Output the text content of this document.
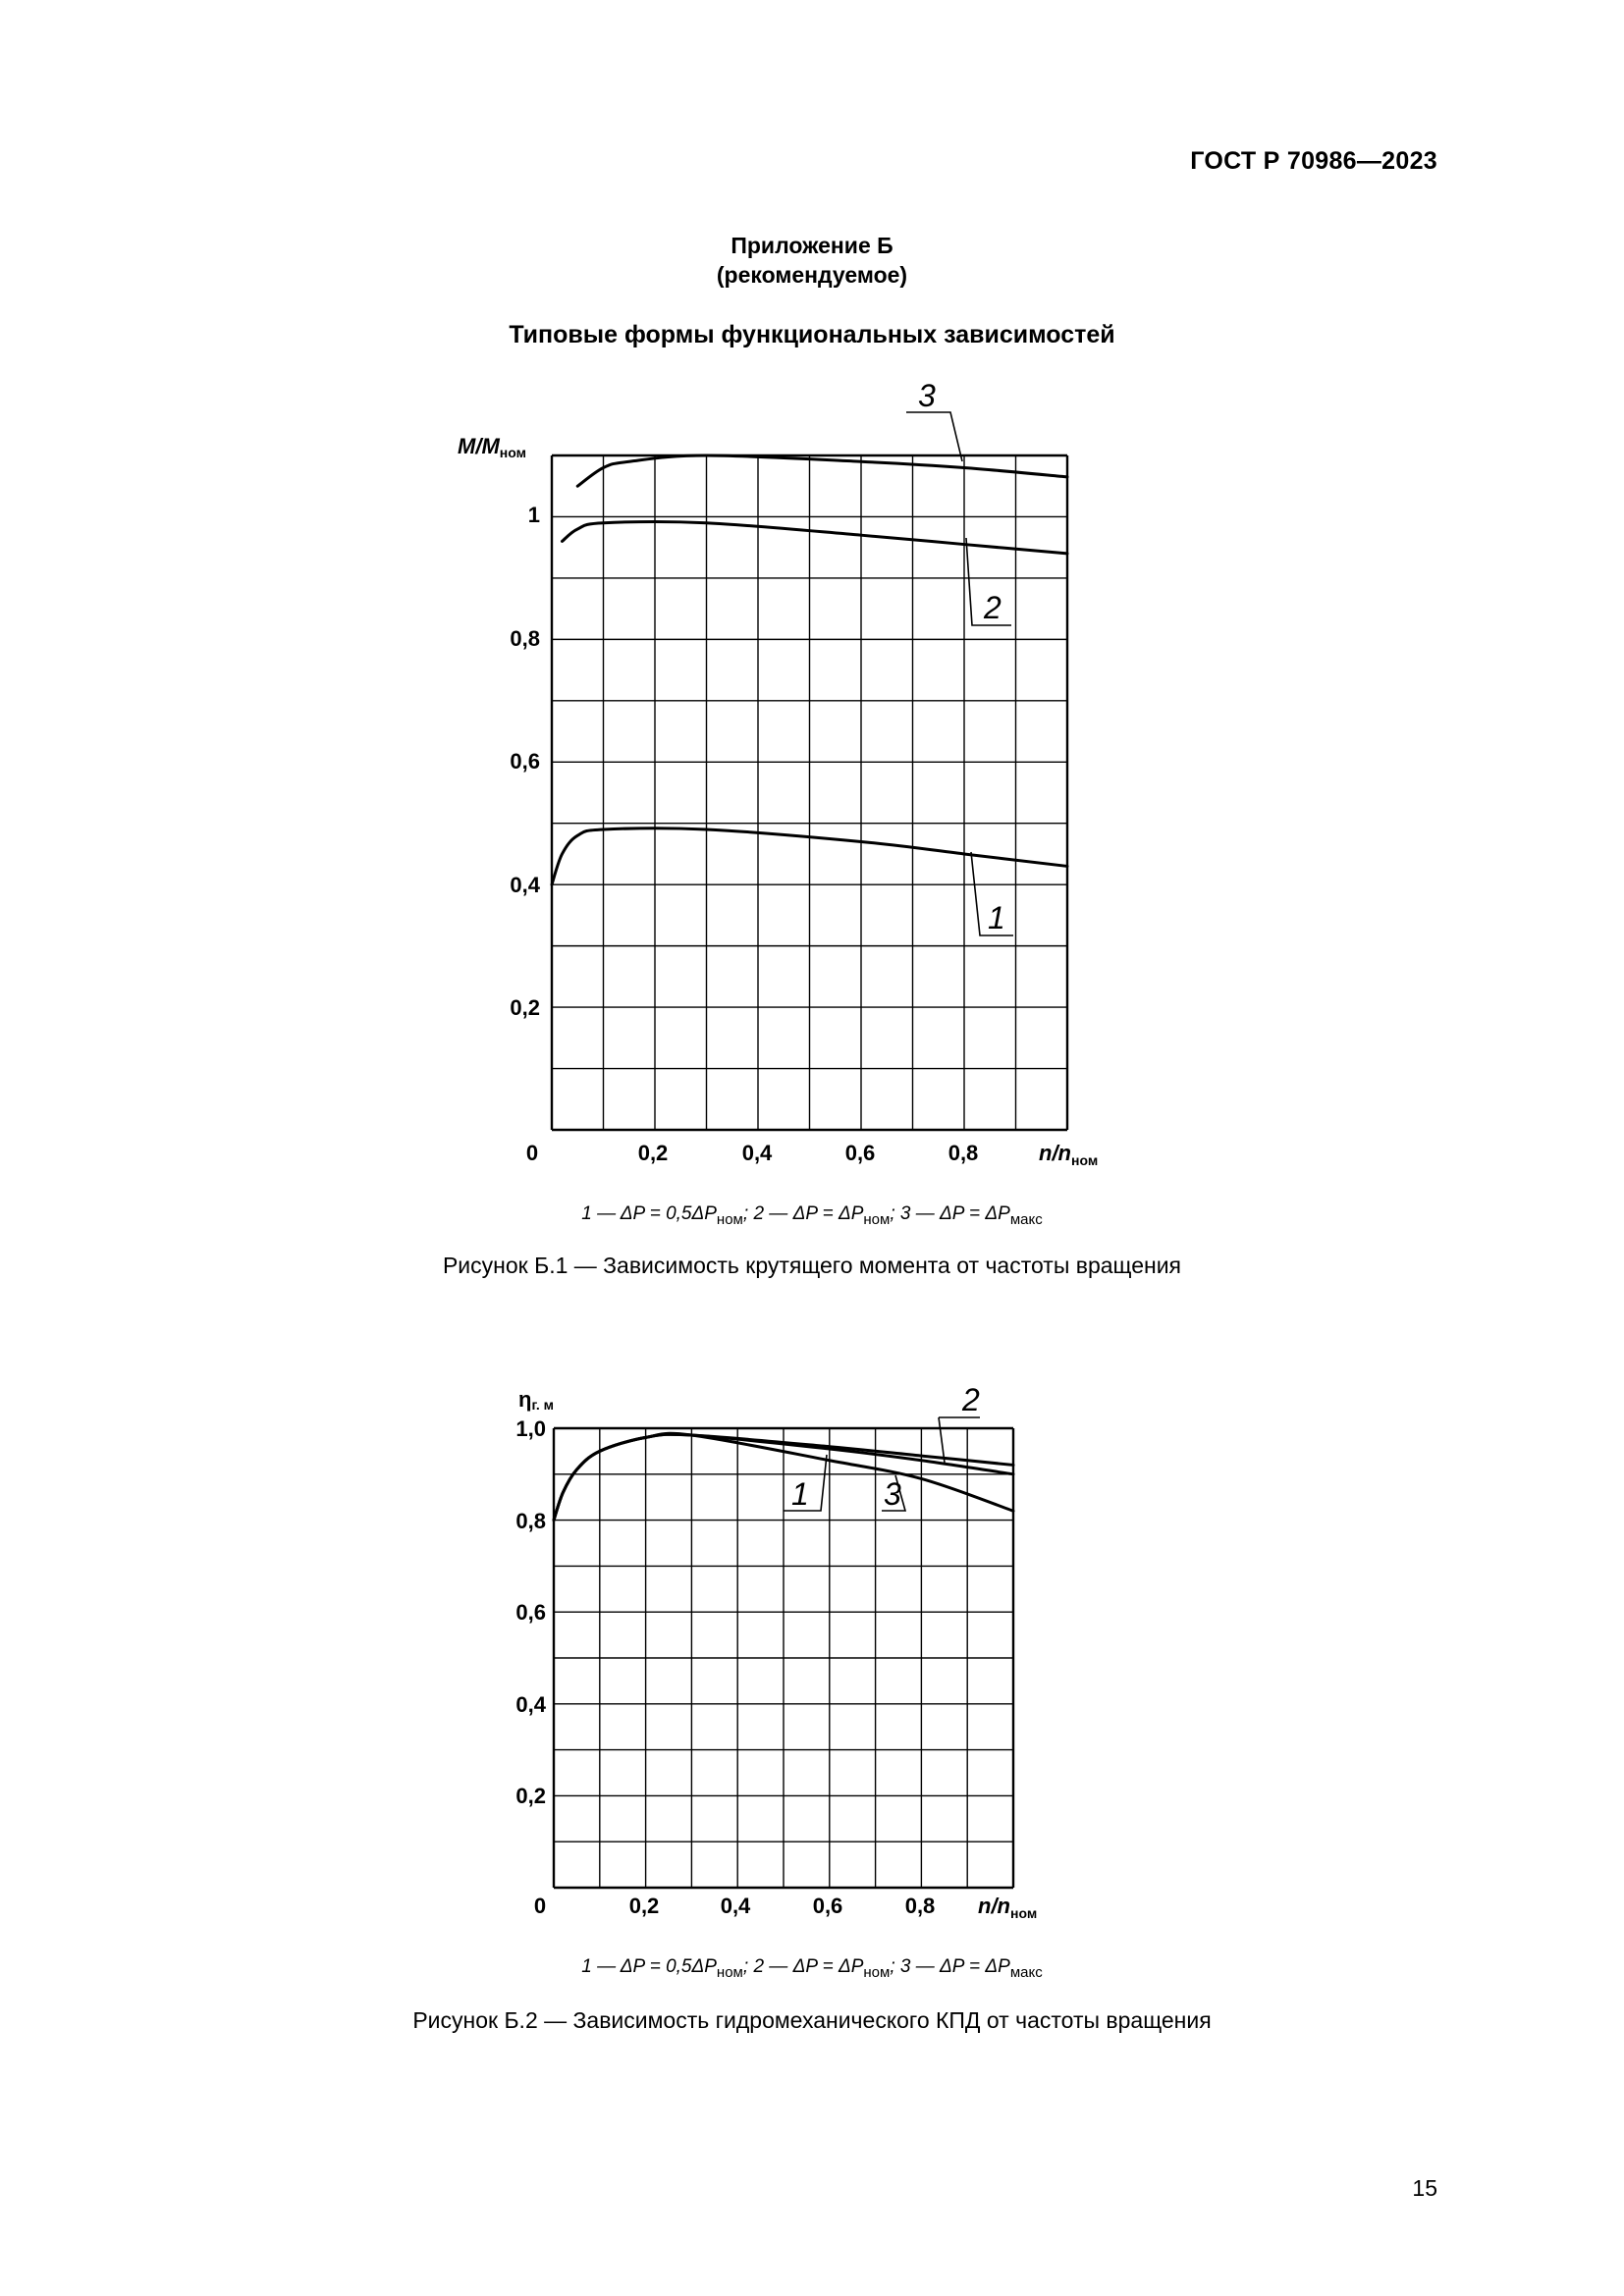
ГОСТ Р 70986—2023
Приложение Б
(рекомендуемое)
Типовые формы функциональных зависимостей
M/Mном
1
0,8
0,6
0,4
0,2
0	0,2	0,4	0,6	0,8	$n/n_{ном}$
3
2
1
ηг. м
1,0
0,8
0,6
0,4
0,2
0	0,2	0,4	0,6	0,8 $n/n_{ном}$
1
2
3
1 — $\Delta P = 0,5\Delta P_{ном}$; 2 — $\Delta P = \Delta P_{ном}$; 3 — $\Delta P = \Delta P_{макс}$
Рисунок Б.1 — Зависимость крутящего момента от частоты вращения
1 — $\Delta P = 0,5\Delta P_{ном}$; 2 — $\Delta P = \Delta P_{ном}$; 3 — $\Delta P = \Delta P_{макс}$
Рисунок Б.2 — Зависимость гидромеханического КПД от частоты вращения
15
